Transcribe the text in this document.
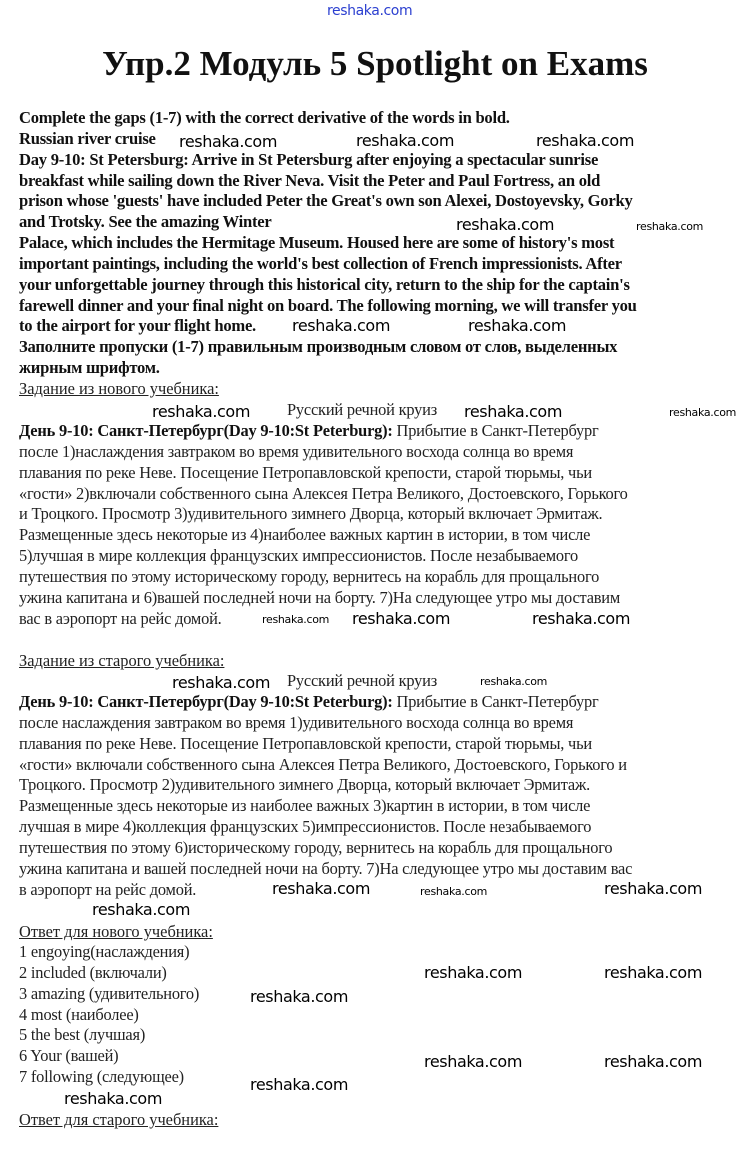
reshaka.com
Упр.2 Модуль 5 Spotlight on Exams
Complete the gaps (1-7) with the correct derivative of the words in bold.
Russian river cruise
Day 9-10: St Petersburg: Arrive in St Petersburg after enjoying a spectacular sunrise
breakfast while sailing down the River Neva. Visit the Peter and Paul Fortress, an old
prison whose 'guests' have included Peter the Great's own son Alexei, Dostoyevsky, Gorky
and Trotsky. See the amazing Winter
Palace, which includes the Hermitage Museum. Housed here are some of history's most
important paintings, including the world's best collection of French impressionists. After
your unforgettable journey through this historical city, return to the ship for the captain's
farewell dinner and your final night on board. The following morning, we will transfer you
to the airport for your flight home.
Заполните пропуски (1-7) правильным производным словом от слов, выделенных
жирным шрифтом.
Задание из нового учебника:
Русский речной круиз
День 9-10: Санкт-Петербург(Day 9-10:St Peterburg): Прибытие в Санкт-Петербург
после 1)наслаждения завтраком во время удивительного восхода солнца во время
плавания по реке Неве. Посещение Петропавловской крепости, старой тюрьмы, чьи
«гости» 2)включали собственного сына Алексея Петра Великого, Достоевского, Горького
и Троцкого. Просмотр 3)удивительного зимнего Дворца, который включает Эрмитаж.
Размещенные здесь некоторые из 4)наиболее важных картин в истории, в том числе
5)лучшая в мире коллекция французских импрессионистов. После незабываемого
путешествия по этому историческому городу, вернитесь на корабль для прощального
ужина капитана и 6)вашей последней ночи на борту. 7)На следующее утро мы доставим
вас в аэропорт на рейс домой.
Задание из старого учебника:
Русский речной круиз
День 9-10: Санкт-Петербург(Day 9-10:St Peterburg): Прибытие в Санкт-Петербург
после наслаждения завтраком во время 1)удивительного восхода солнца во время
плавания по реке Неве. Посещение Петропавловской крепости, старой тюрьмы, чьи
«гости» включали собственного сына Алексея Петра Великого, Достоевского, Горького и
Троцкого. Просмотр 2)удивительного зимнего Дворца, который включает Эрмитаж.
Размещенные здесь некоторые из наиболее важных 3)картин в истории, в том числе
лучшая в мире 4)коллекция французских 5)импрессионистов. После незабываемого
путешествия по этому 6)историческому городу, вернитесь на корабль для прощального
ужина капитана и вашей последней ночи на борту. 7)На следующее утро мы доставим вас
в аэропорт на рейс домой.
Ответ для нового учебника:
1 engoying(наслаждения)
2 included (включали)
3 amazing (удивительного)
4 most (наиболее)
5 the best (лучшая)
6 Your (вашей)
7 following (следующее)
Ответ для старого учебника:
reshaka.com	reshaka.com	reshaka.com
reshaka.com	reshaka.com
reshaka.com	reshaka.com
reshaka.com	reshaka.com	reshaka.com
reshaka.com reshaka.com	reshaka.com
reshaka.com	reshaka.com
reshaka.com
reshaka.com	reshaka.com
reshaka.com
reshaka.com	reshaka.com
reshaka.com
reshaka.com	reshaka.com
reshaka.com
reshaka.com
